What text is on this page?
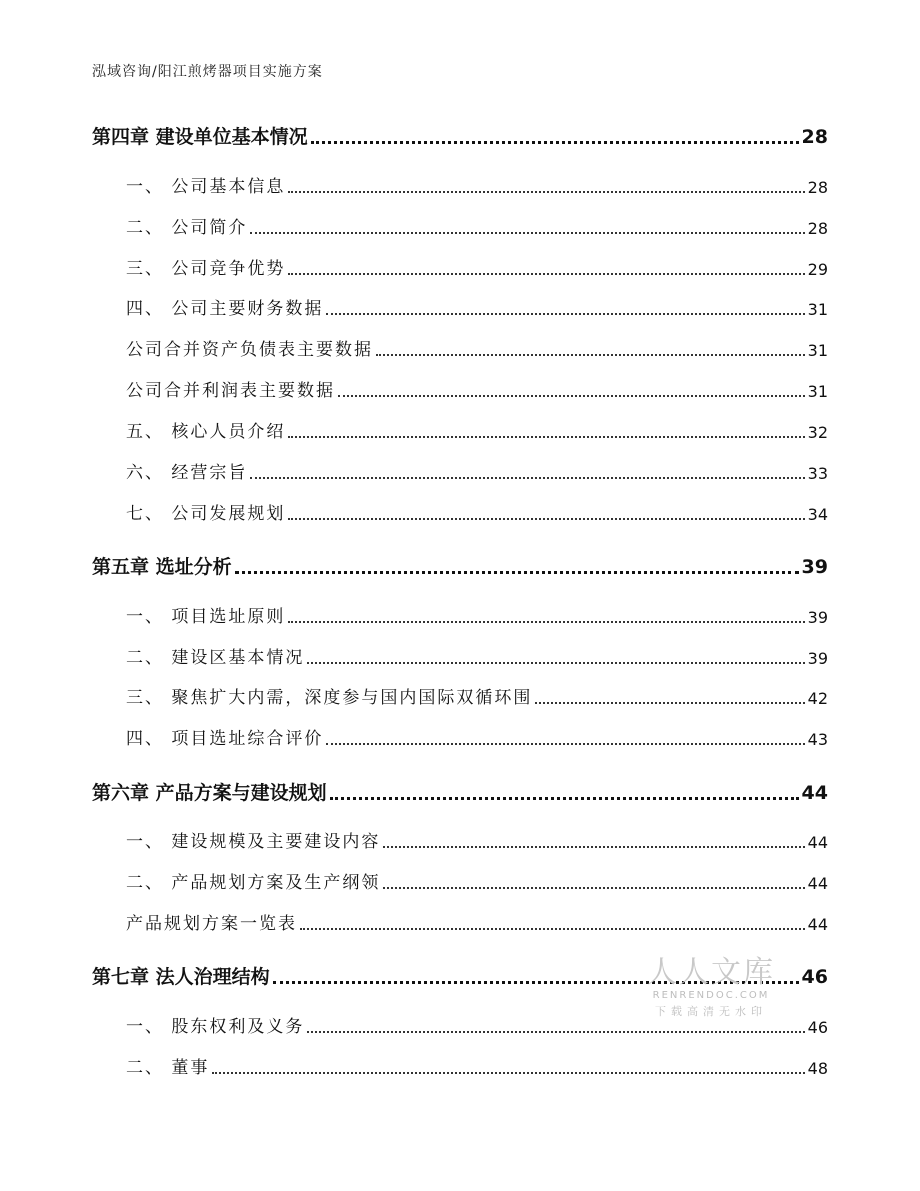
泓域咨询/阳江煎烤器项目实施方案
第四章 建设单位基本情况	28
一、 公司基本信息	28
二、 公司简介	28
三、 公司竞争优势	29
四、 公司主要财务数据	31
公司合并资产负债表主要数据	31
公司合并利润表主要数据	31
五、 核心人员介绍	32
六、 经营宗旨	33
七、 公司发展规划	34
第五章 选址分析	39
一、 项目选址原则	39
二、 建设区基本情况	39
三、 聚焦扩大内需，深度参与国内国际双循环围	42
四、 项目选址综合评价	43
第六章 产品方案与建设规划	44
一、 建设规模及主要建设内容	44
二、 产品规划方案及生产纲领	44
产品规划方案一览表	44
第七章 法人治理结构	46
一、 股东权利及义务	46
二、 董事	48
人人文库
RENRENDOC.COM
下载高清无水印
